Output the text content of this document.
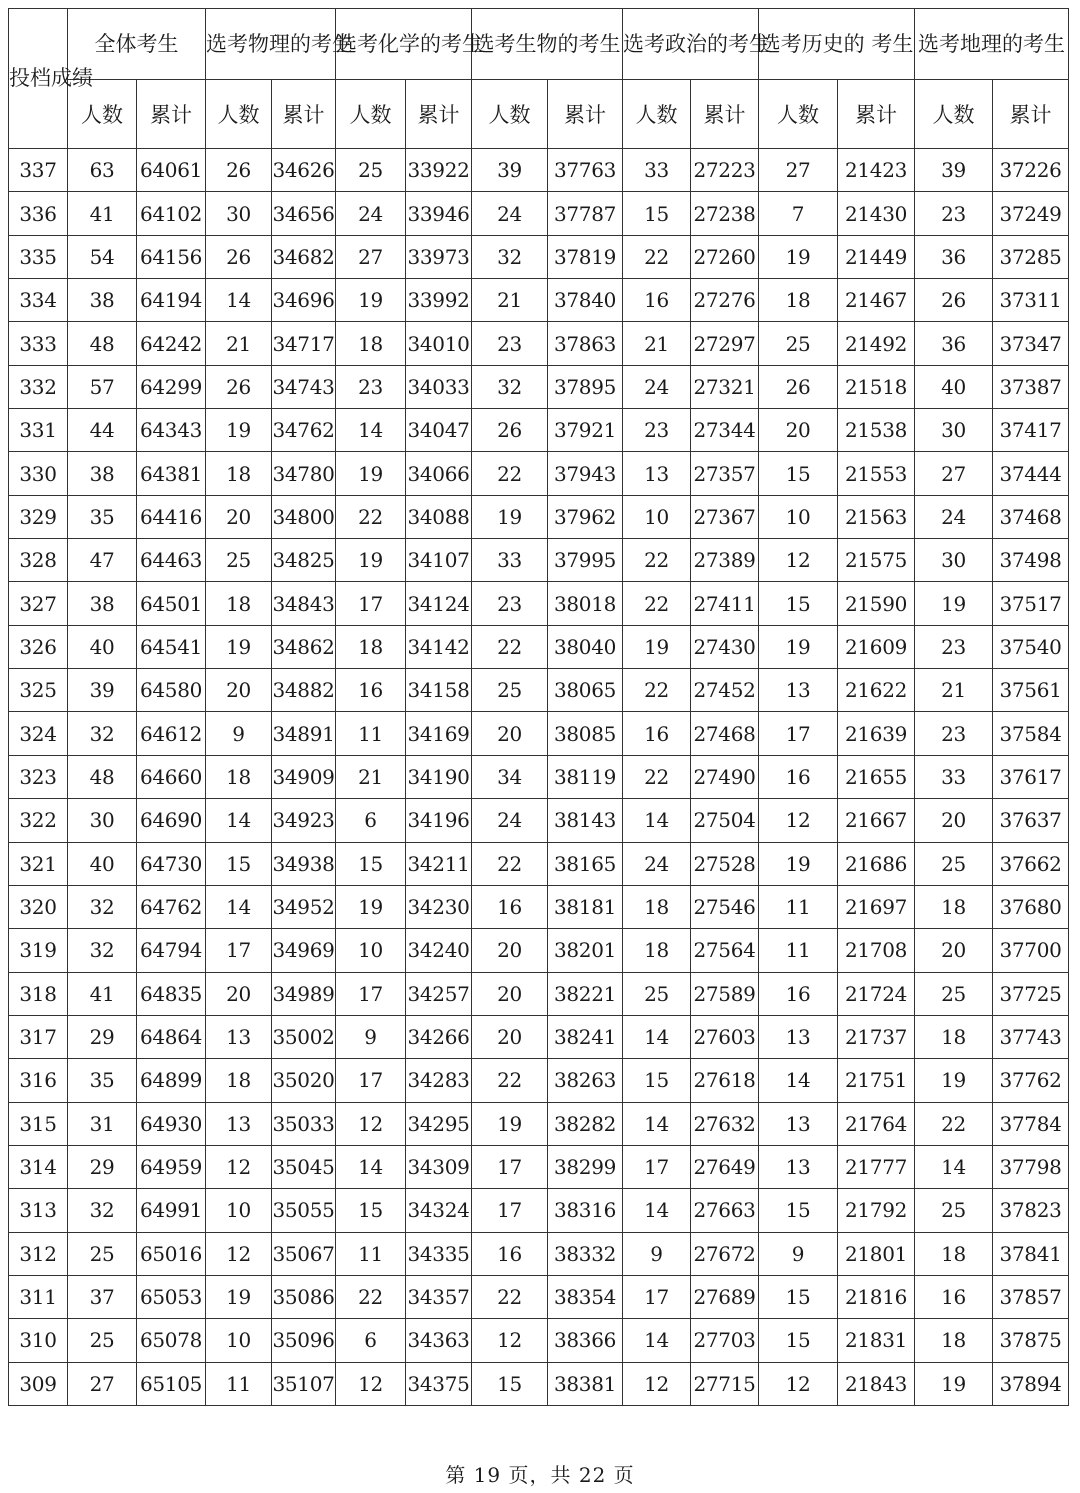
投档成绩	全体考生		选考物理的考生		选考化学的考生		选考生物的考生		选考政治的考生		选考历史的 考生		选考地理的考生	
	人数	累计	人数	累计	人数	累计	人数	累计	人数	累计	人数	累计	人数	累计
337	63	64061	26	34626	25	33922	39	37763	33	27223	27	21423	39	37226
336	41	64102	30	34656	24	33946	24	37787	15	27238	7	21430	23	37249
335	54	64156	26	34682	27	33973	32	37819	22	27260	19	21449	36	37285
334	38	64194	14	34696	19	33992	21	37840	16	27276	18	21467	26	37311
333	48	64242	21	34717	18	34010	23	37863	21	27297	25	21492	36	37347
332	57	64299	26	34743	23	34033	32	37895	24	27321	26	21518	40	37387
331	44	64343	19	34762	14	34047	26	37921	23	27344	20	21538	30	37417
330	38	64381	18	34780	19	34066	22	37943	13	27357	15	21553	27	37444
329	35	64416	20	34800	22	34088	19	37962	10	27367	10	21563	24	37468
328	47	64463	25	34825	19	34107	33	37995	22	27389	12	21575	30	37498
327	38	64501	18	34843	17	34124	23	38018	22	27411	15	21590	19	37517
326	40	64541	19	34862	18	34142	22	38040	19	27430	19	21609	23	37540
325	39	64580	20	34882	16	34158	25	38065	22	27452	13	21622	21	37561
324	32	64612	9	34891	11	34169	20	38085	16	27468	17	21639	23	37584
323	48	64660	18	34909	21	34190	34	38119	22	27490	16	21655	33	37617
322	30	64690	14	34923	6	34196	24	38143	14	27504	12	21667	20	37637
321	40	64730	15	34938	15	34211	22	38165	24	27528	19	21686	25	37662
320	32	64762	14	34952	19	34230	16	38181	18	27546	11	21697	18	37680
319	32	64794	17	34969	10	34240	20	38201	18	27564	11	21708	20	37700
318	41	64835	20	34989	17	34257	20	38221	25	27589	16	21724	25	37725
317	29	64864	13	35002	9	34266	20	38241	14	27603	13	21737	18	37743
316	35	64899	18	35020	17	34283	22	38263	15	27618	14	21751	19	37762
315	31	64930	13	35033	12	34295	19	38282	14	27632	13	21764	22	37784
314	29	64959	12	35045	14	34309	17	38299	17	27649	13	21777	14	37798
313	32	64991	10	35055	15	34324	17	38316	14	27663	15	21792	25	37823
312	25	65016	12	35067	11	34335	16	38332	9	27672	9	21801	18	37841
311	37	65053	19	35086	22	34357	22	38354	17	27689	15	21816	16	37857
310	25	65078	10	35096	6	34363	12	38366	14	27703	15	21831	18	37875
309	27	65105	11	35107	12	34375	15	38381	12	27715	12	21843	19	37894
第 19 页，共 22 页
